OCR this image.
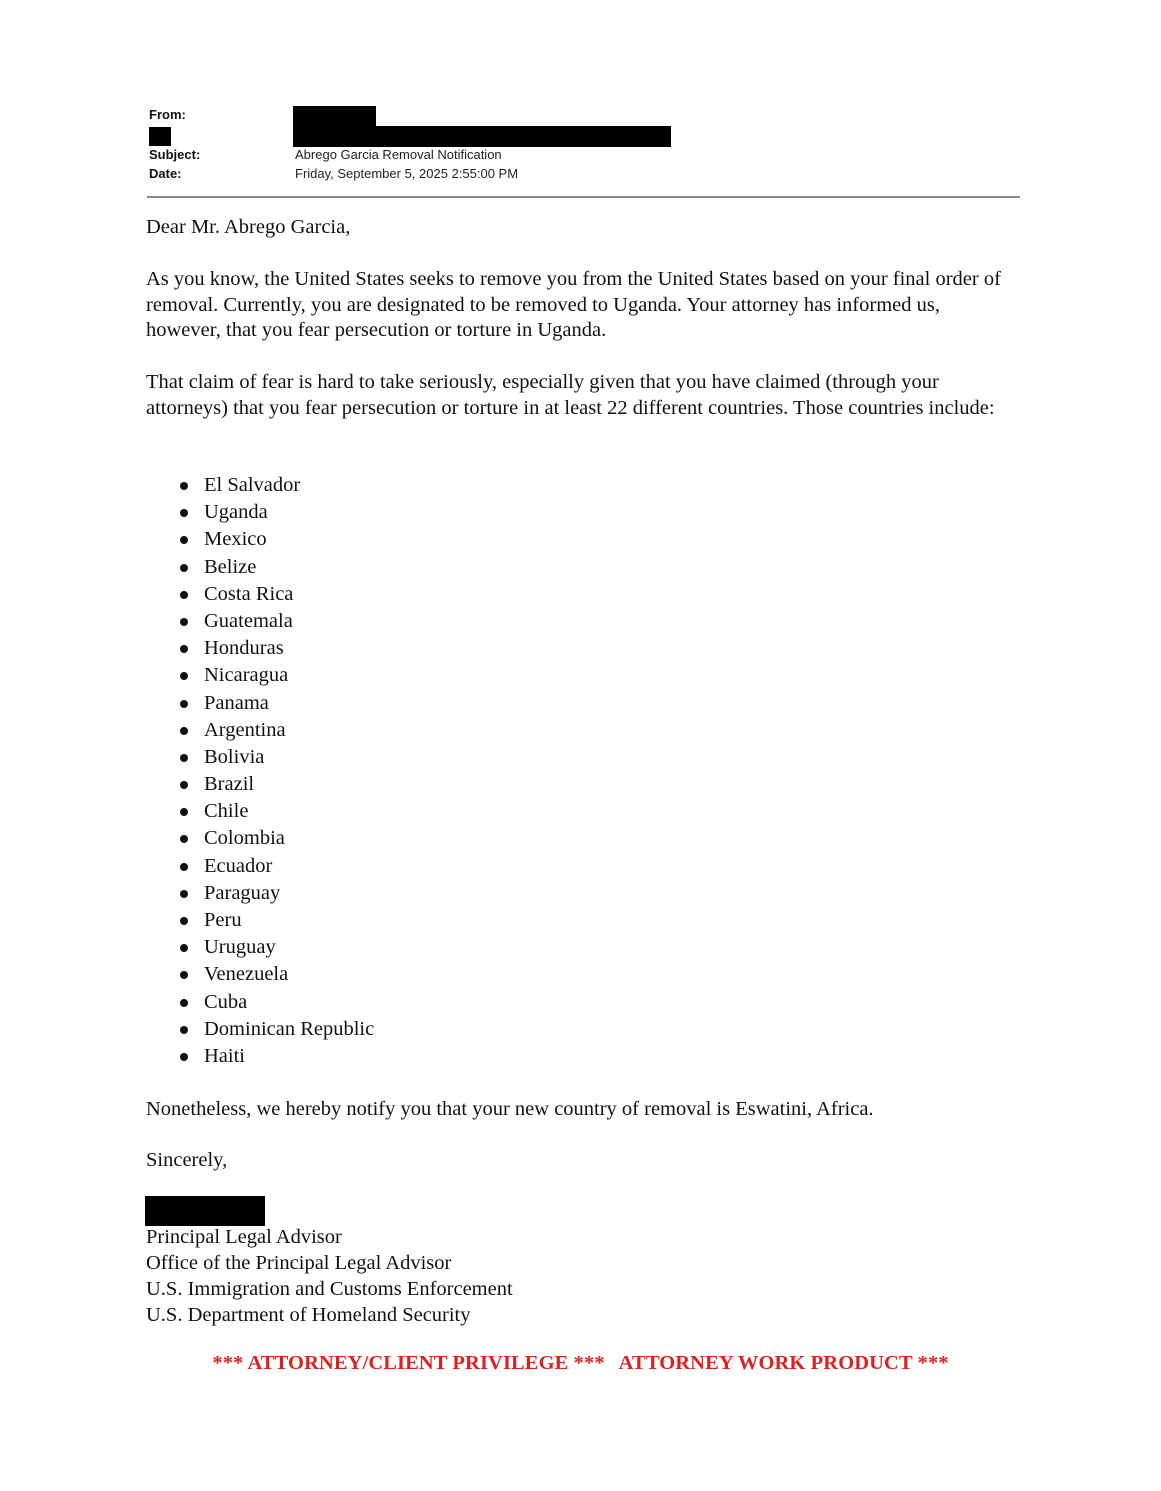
From:
Subject:	Abrego Garcia Removal Notification
Date:	Friday, September 5, 2025 2:55:00 PM

Dear Mr. Abrego Garcia,

As you know, the United States seeks to remove you from the United States based on your final order of removal. Currently, you are designated to be removed to Uganda. Your attorney has informed us, however, that you fear persecution or torture in Uganda.

That claim of fear is hard to take seriously, especially given that you have claimed (through your attorneys) that you fear persecution or torture in at least 22 different countries. Those countries include:

El Salvador
Uganda
Mexico
Belize
Costa Rica
Guatemala
Honduras
Nicaragua
Panama
Argentina
Bolivia
Brazil
Chile
Colombia
Ecuador
Paraguay
Peru
Uruguay
Venezuela
Cuba
Dominican Republic
Haiti

Nonetheless, we hereby notify you that your new country of removal is Eswatini, Africa.

Sincerely,

Principal Legal Advisor
Office of the Principal Legal Advisor
U.S. Immigration and Customs Enforcement
U.S. Department of Homeland Security
*** ATTORNEY/CLIENT PRIVILEGE *** ATTORNEY WORK PRODUCT ***
